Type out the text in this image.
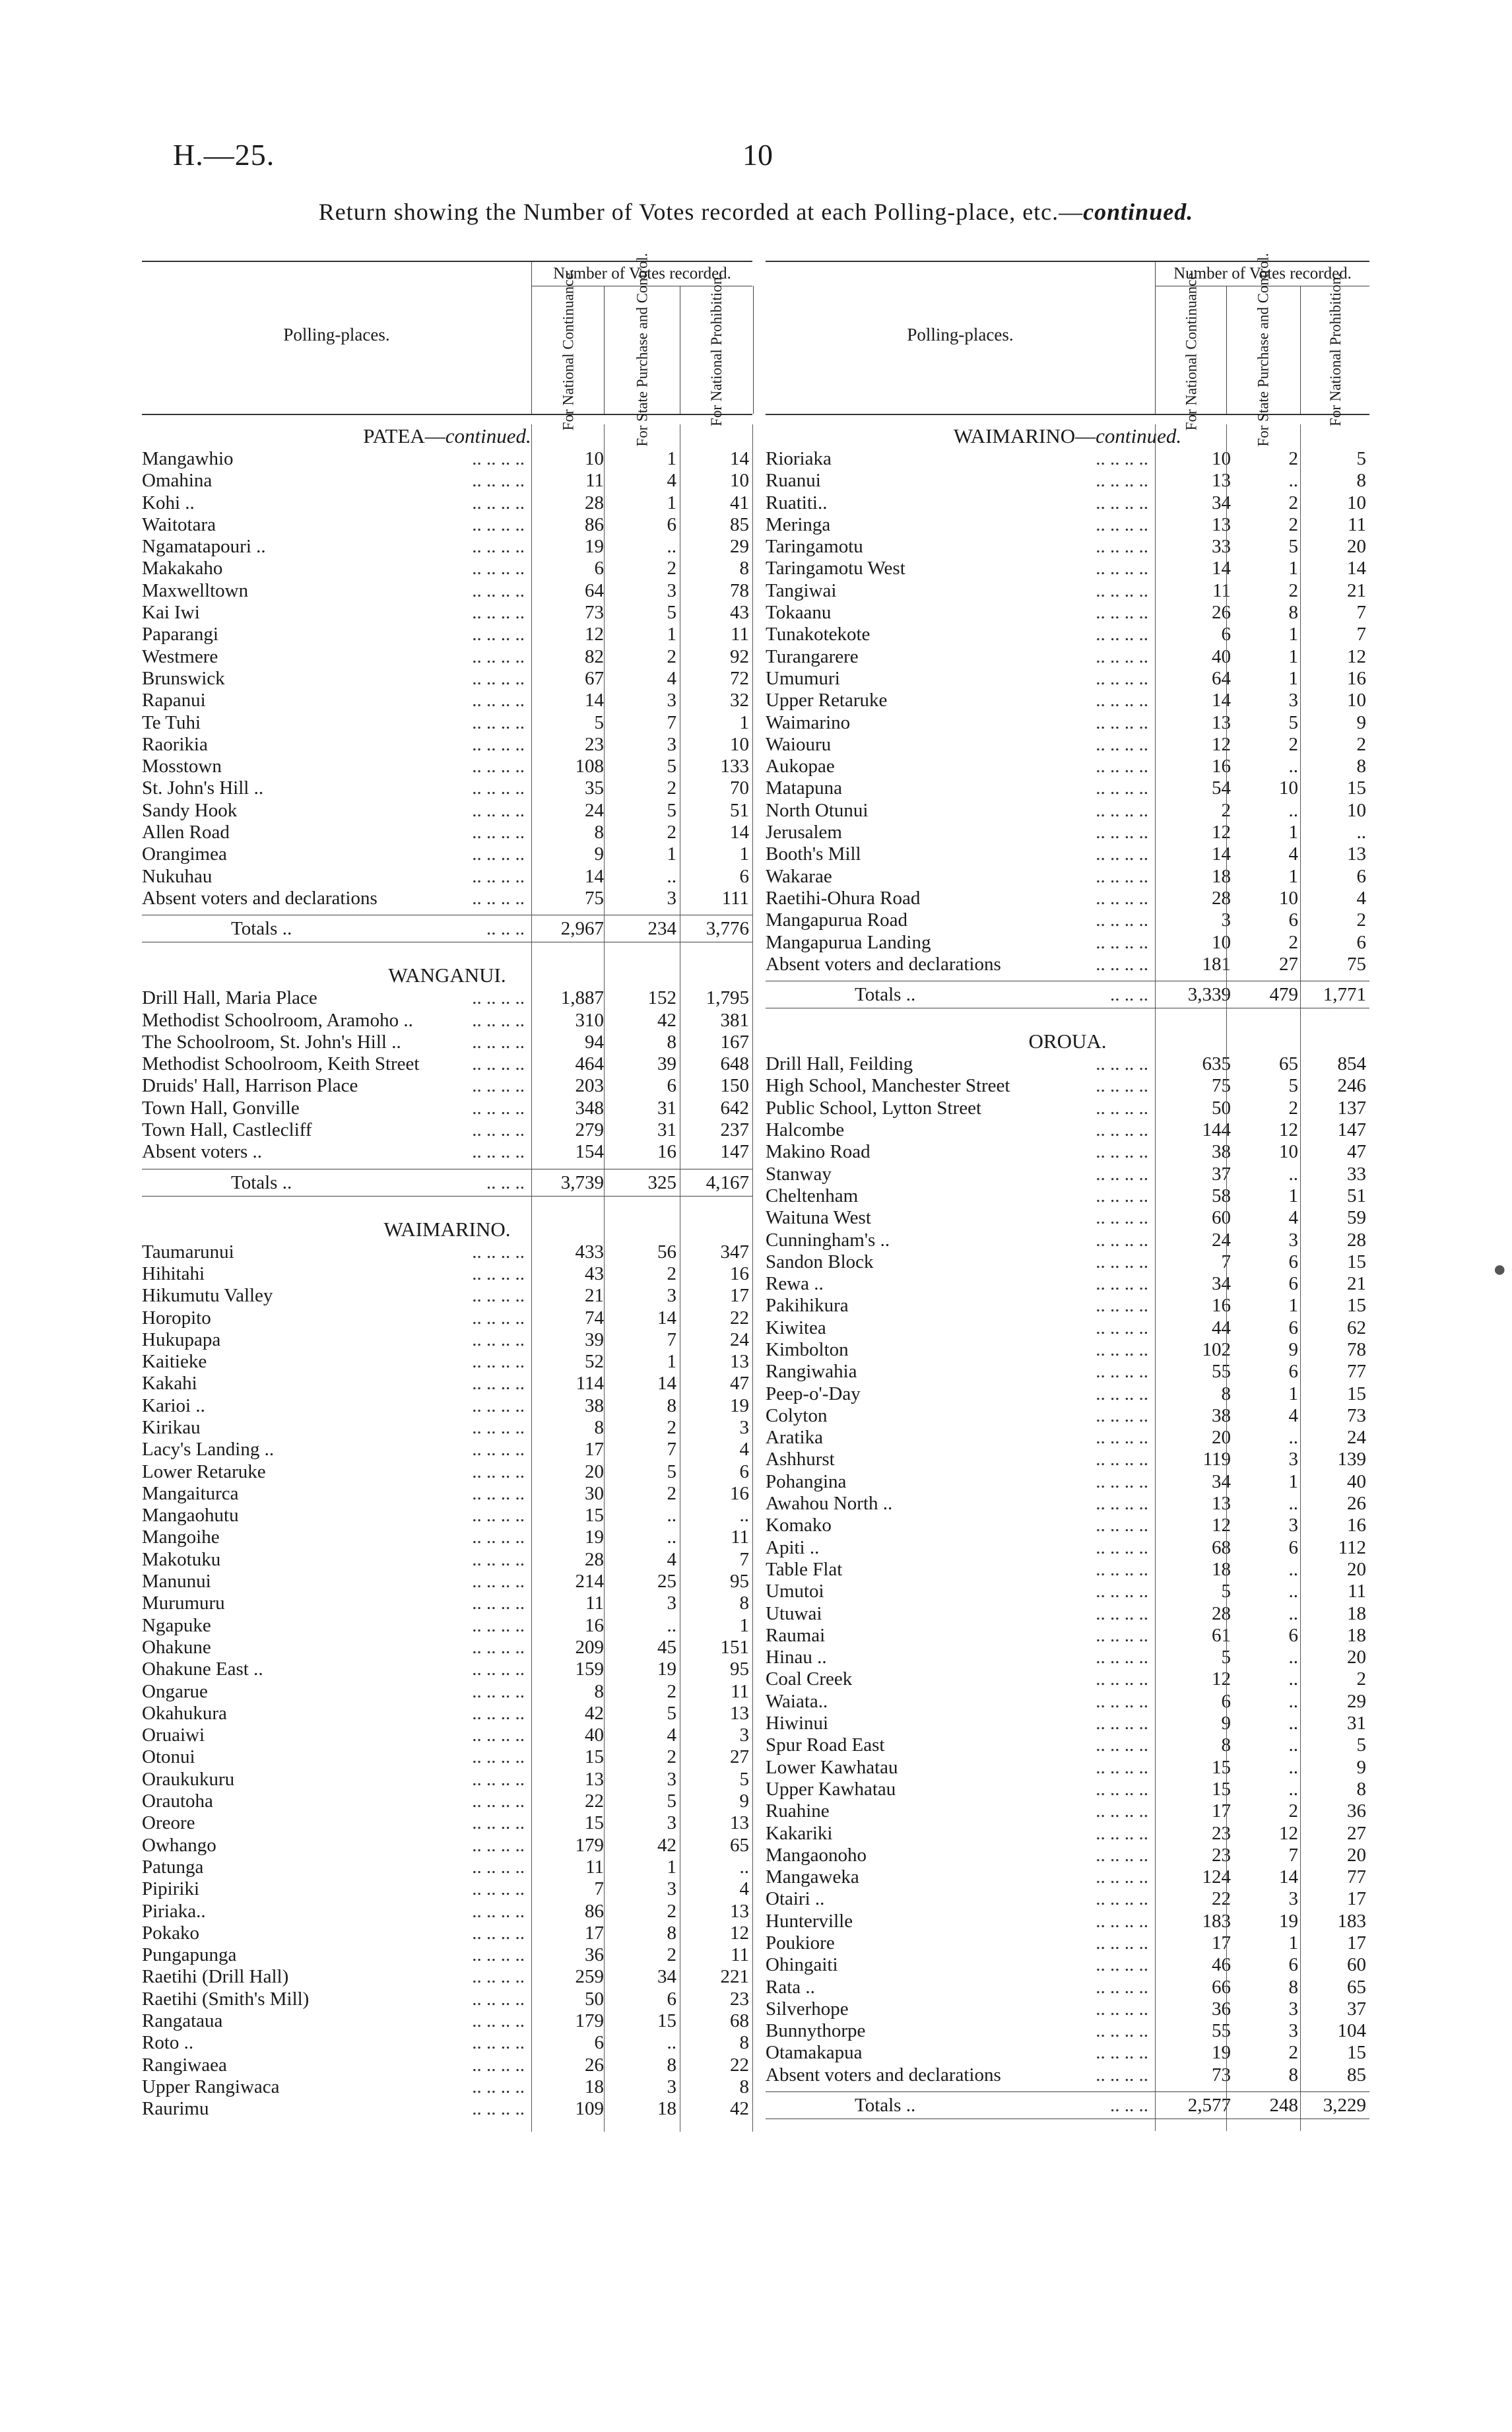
H.—25.	10
Return showing the Number of Votes recorded at each Polling-place, etc.—continued.
Polling-places.
Number of Votes recorded.
For National Continuance.	For State Purchase and Control.	For National Prohibition.
PATEA—continued.
.. .. .. ..
Mangawhio	10	1	14
.. .. .. ..
Omahina	11	4	10
.. .. .. ..
Kohi ..	28	1	41
.. .. .. ..
Waitotara	86	6	85
.. .. .. ..
Ngamatapouri ..	19	..	29
.. .. .. ..
Makakaho	6	2	8
.. .. .. ..
Maxwelltown	64	3	78
.. .. .. ..
Kai Iwi	73	5	43
.. .. .. ..
Paparangi	12	1	11
.. .. .. ..
Westmere	82	2	92
.. .. .. ..
Brunswick	67	4	72
.. .. .. ..
Rapanui	14	3	32
.. .. .. ..
Te Tuhi	5	7	1
.. .. .. ..
Raorikia	23	3	10
.. .. .. ..
Mosstown	108	5 133
.. .. .. ..
St. John's Hill ..	35	2	70
.. .. .. ..
Sandy Hook	24	5	51
.. .. .. ..
Allen Road	8	2	14
.. .. .. ..
Orangimea	9	1	1
.. .. .. ..
Nukuhau	14	..	6
.. .. .. ..
Absent voters and declarations	75	3 111
.. .. ..
Totals ..	2,967 234 3,776
WANGANUI.
.. .. .. ..
Drill Hall, Maria Place	1,887 152 1,795
.. .. .. ..
Methodist Schoolroom, Aramoho ..	310	42 381
.. .. .. ..
The Schoolroom, St. John's Hill ..	94	8 167
.. .. .. ..
Methodist Schoolroom, Keith Street	464	39 648
.. .. .. ..
Druids' Hall, Harrison Place	203	6 150
.. .. .. ..
Town Hall, Gonville	348	31 642
.. .. .. ..
Town Hall, Castlecliff	279	31 237
.. .. .. ..
Absent voters ..	154	16 147
.. .. ..
Totals ..	3,739 325 4,167
WAIMARINO.
.. .. .. ..
Taumarunui	433	56 347
.. .. .. ..
Hihitahi	43	2	16
.. .. .. ..
Hikumutu Valley	21	3	17
.. .. .. ..
Horopito	74	14	22
.. .. .. ..
Hukupapa	39	7	24
.. .. .. ..
Kaitieke	52	1	13
.. .. .. ..
Kakahi	114	14	47
.. .. .. ..
Karioi ..	38	8	19
.. .. .. ..
Kirikau	8	2	3
.. .. .. ..
Lacy's Landing ..	17	7	4
.. .. .. ..
Lower Retaruke	20	5	6
.. .. .. ..
Mangaiturca	30	2	16
.. .. .. ..
Mangaohutu	15	..	..
.. .. .. ..
Mangoihe	19	..	11
.. .. .. ..
Makotuku	28	4	7
.. .. .. ..
Manunui	214	25	95
.. .. .. ..
Murumuru	11	3	8
.. .. .. ..
Ngapuke	16	..	1
.. .. .. ..
Ohakune	209	45 151
.. .. .. ..
Ohakune East ..	159	19	95
.. .. .. ..
Ongarue	8	2	11
.. .. .. ..
Okahukura	42	5	13
.. .. .. ..
Oruaiwi	40	4	3
.. .. .. ..
Otonui	15	2	27
.. .. .. ..
Oraukukuru	13	3	5
.. .. .. ..
Orautoha	22	5	9
.. .. .. ..
Oreore	15	3	13
.. .. .. ..
Owhango	179	42	65
.. .. .. ..
Patunga	11	1	..
.. .. .. ..
Pipiriki	7	3	4
.. .. .. ..
Piriaka..	86	2	13
.. .. .. ..
Pokako	17	8	12
.. .. .. ..
Pungapunga	36	2	11
.. .. .. ..
Raetihi (Drill Hall)	259	34 221
.. .. .. ..
Raetihi (Smith's Mill)	50	6	23
.. .. .. ..
Rangataua	179	15	68
.. .. .. ..
Roto ..	6	..	8
.. .. .. ..
Rangiwaea	26	8	22
.. .. .. ..
Upper Rangiwaca	18	3	8
.. .. .. ..
Raurimu	109	18	42
Polling-places.
Number of Votes recorded.
For National Continuance.	For State Purchase and Control.	For National Prohibition.
WAIMARINO—continued.
.. .. .. ..
Rioriaka	10	2	5
.. .. .. ..
Ruanui	13	..	8
.. .. .. ..
Ruatiti..	34	2	10
.. .. .. ..
Meringa	13	2	11
.. .. .. ..
Taringamotu	33	5	20
.. .. .. ..
Taringamotu West	14	1	14
.. .. .. ..
Tangiwai	11	2	21
.. .. .. ..
Tokaanu	26	8	7
.. .. .. ..
Tunakotekote	6	1	7
.. .. .. ..
Turangarere	40	1	12
.. .. .. ..
Umumuri	64	1	16
.. .. .. ..
Upper Retaruke	14	3	10
.. .. .. ..
Waimarino	13	5	9
.. .. .. ..
Waiouru	12	2	2
.. .. .. ..
Aukopae	16	..	8
.. .. .. ..
Matapuna	54	10	15
.. .. .. ..
North Otunui	2	..	10
.. .. .. ..
Jerusalem	12	1	..
.. .. .. ..
Booth's Mill	14	4	13
.. .. .. ..
Wakarae	18	1	6
.. .. .. ..
Raetihi-Ohura Road	28	10	4
.. .. .. ..
Mangapurua Road	3	6	2
.. .. .. ..
Mangapurua Landing	10	2	6
.. .. .. ..
Absent voters and declarations	181	27	75
.. .. ..
Totals ..	3,339 479 1,771
OROUA.
.. .. .. ..
Drill Hall, Feilding	635	65 854
.. .. .. ..
High School, Manchester Street	75	5 246
.. .. .. ..
Public School, Lytton Street	50	2 137
.. .. .. ..
Halcombe	144	12 147
.. .. .. ..
Makino Road	38	10	47
.. .. .. ..
Stanway	37	..	33
.. .. .. ..
Cheltenham	58	1	51
.. .. .. ..
Waituna West	60	4	59
.. .. .. ..
Cunningham's ..	24	3	28
.. .. .. ..
Sandon Block	7	6	15
.. .. .. ..
Rewa ..	34	6	21
.. .. .. ..
Pakihikura	16	1	15
.. .. .. ..
Kiwitea	44	6	62
.. .. .. ..
Kimbolton	102	9	78
.. .. .. ..
Rangiwahia	55	6	77
.. .. .. ..
Peep-o'-Day	8	1	15
.. .. .. ..
Colyton	38	4	73
.. .. .. ..
Aratika	20	..	24
.. .. .. ..
Ashhurst	119	3 139
.. .. .. ..
Pohangina	34	1	40
.. .. .. ..
Awahou North ..	13	..	26
.. .. .. ..
Komako	12	3	16
.. .. .. ..
Apiti ..	68	6 112
.. .. .. ..
Table Flat	18	..	20
.. .. .. ..
Umutoi	5	..	11
.. .. .. ..
Utuwai	28	..	18
.. .. .. ..
Raumai	61	6	18
.. .. .. ..
Hinau ..	5	..	20
.. .. .. ..
Coal Creek	12	..	2
.. .. .. ..
Waiata..	6	..	29
.. .. .. ..
Hiwinui	9	..	31
.. .. .. ..
Spur Road East	8	..	5
.. .. .. ..
Lower Kawhatau	15	..	9
.. .. .. ..
Upper Kawhatau	15	..	8
.. .. .. ..
Ruahine	17	2	36
.. .. .. ..
Kakariki	23	12	27
.. .. .. ..
Mangaonoho	23	7	20
.. .. .. ..
Mangaweka	124	14	77
.. .. .. ..
Otairi ..	22	3	17
.. .. .. ..
Hunterville	183	19 183
.. .. .. ..
Poukiore	17	1	17
.. .. .. ..
Ohingaiti	46	6	60
.. .. .. ..
Rata ..	66	8	65
.. .. .. ..
Silverhope	36	3	37
.. .. .. ..
Bunnythorpe	55	3 104
.. .. .. ..
Otamakapua	19	2	15
.. .. .. ..
Absent voters and declarations	73	8	85
.. .. ..
Totals ..	2,577 248 3,229
●
